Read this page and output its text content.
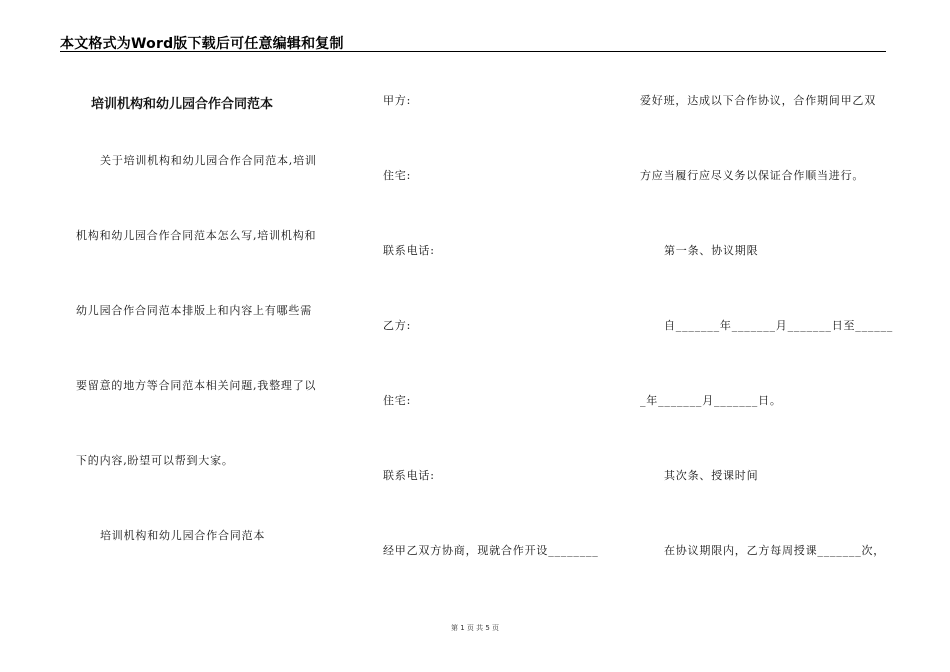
本文格式为Word版下载后可任意编辑和复制
培训机构和幼儿园合作合同范本
关于培训机构和幼儿园合作合同范本,培训
机构和幼儿园合作合同范本怎么写,培训机构和
幼儿园合作合同范本排版上和内容上有哪些需
要留意的地方等合同范本相关问题,我整理了以
下的内容,盼望可以帮到大家。
培训机构和幼儿园合作合同范本
甲方:
住宅:
联系电话:
乙方:
住宅:
联系电话:
经甲乙双方协商，现就合作开设________
爱好班，达成以下合作协议，合作期间甲乙双
方应当履行应尽义务以保证合作顺当进行。
第一条、协议期限
自_______年_______月_______日至______
_年_______月_______日。
其次条、授课时间
在协议期限内，乙方每周授课_______次，
第 1 页 共 5 页
